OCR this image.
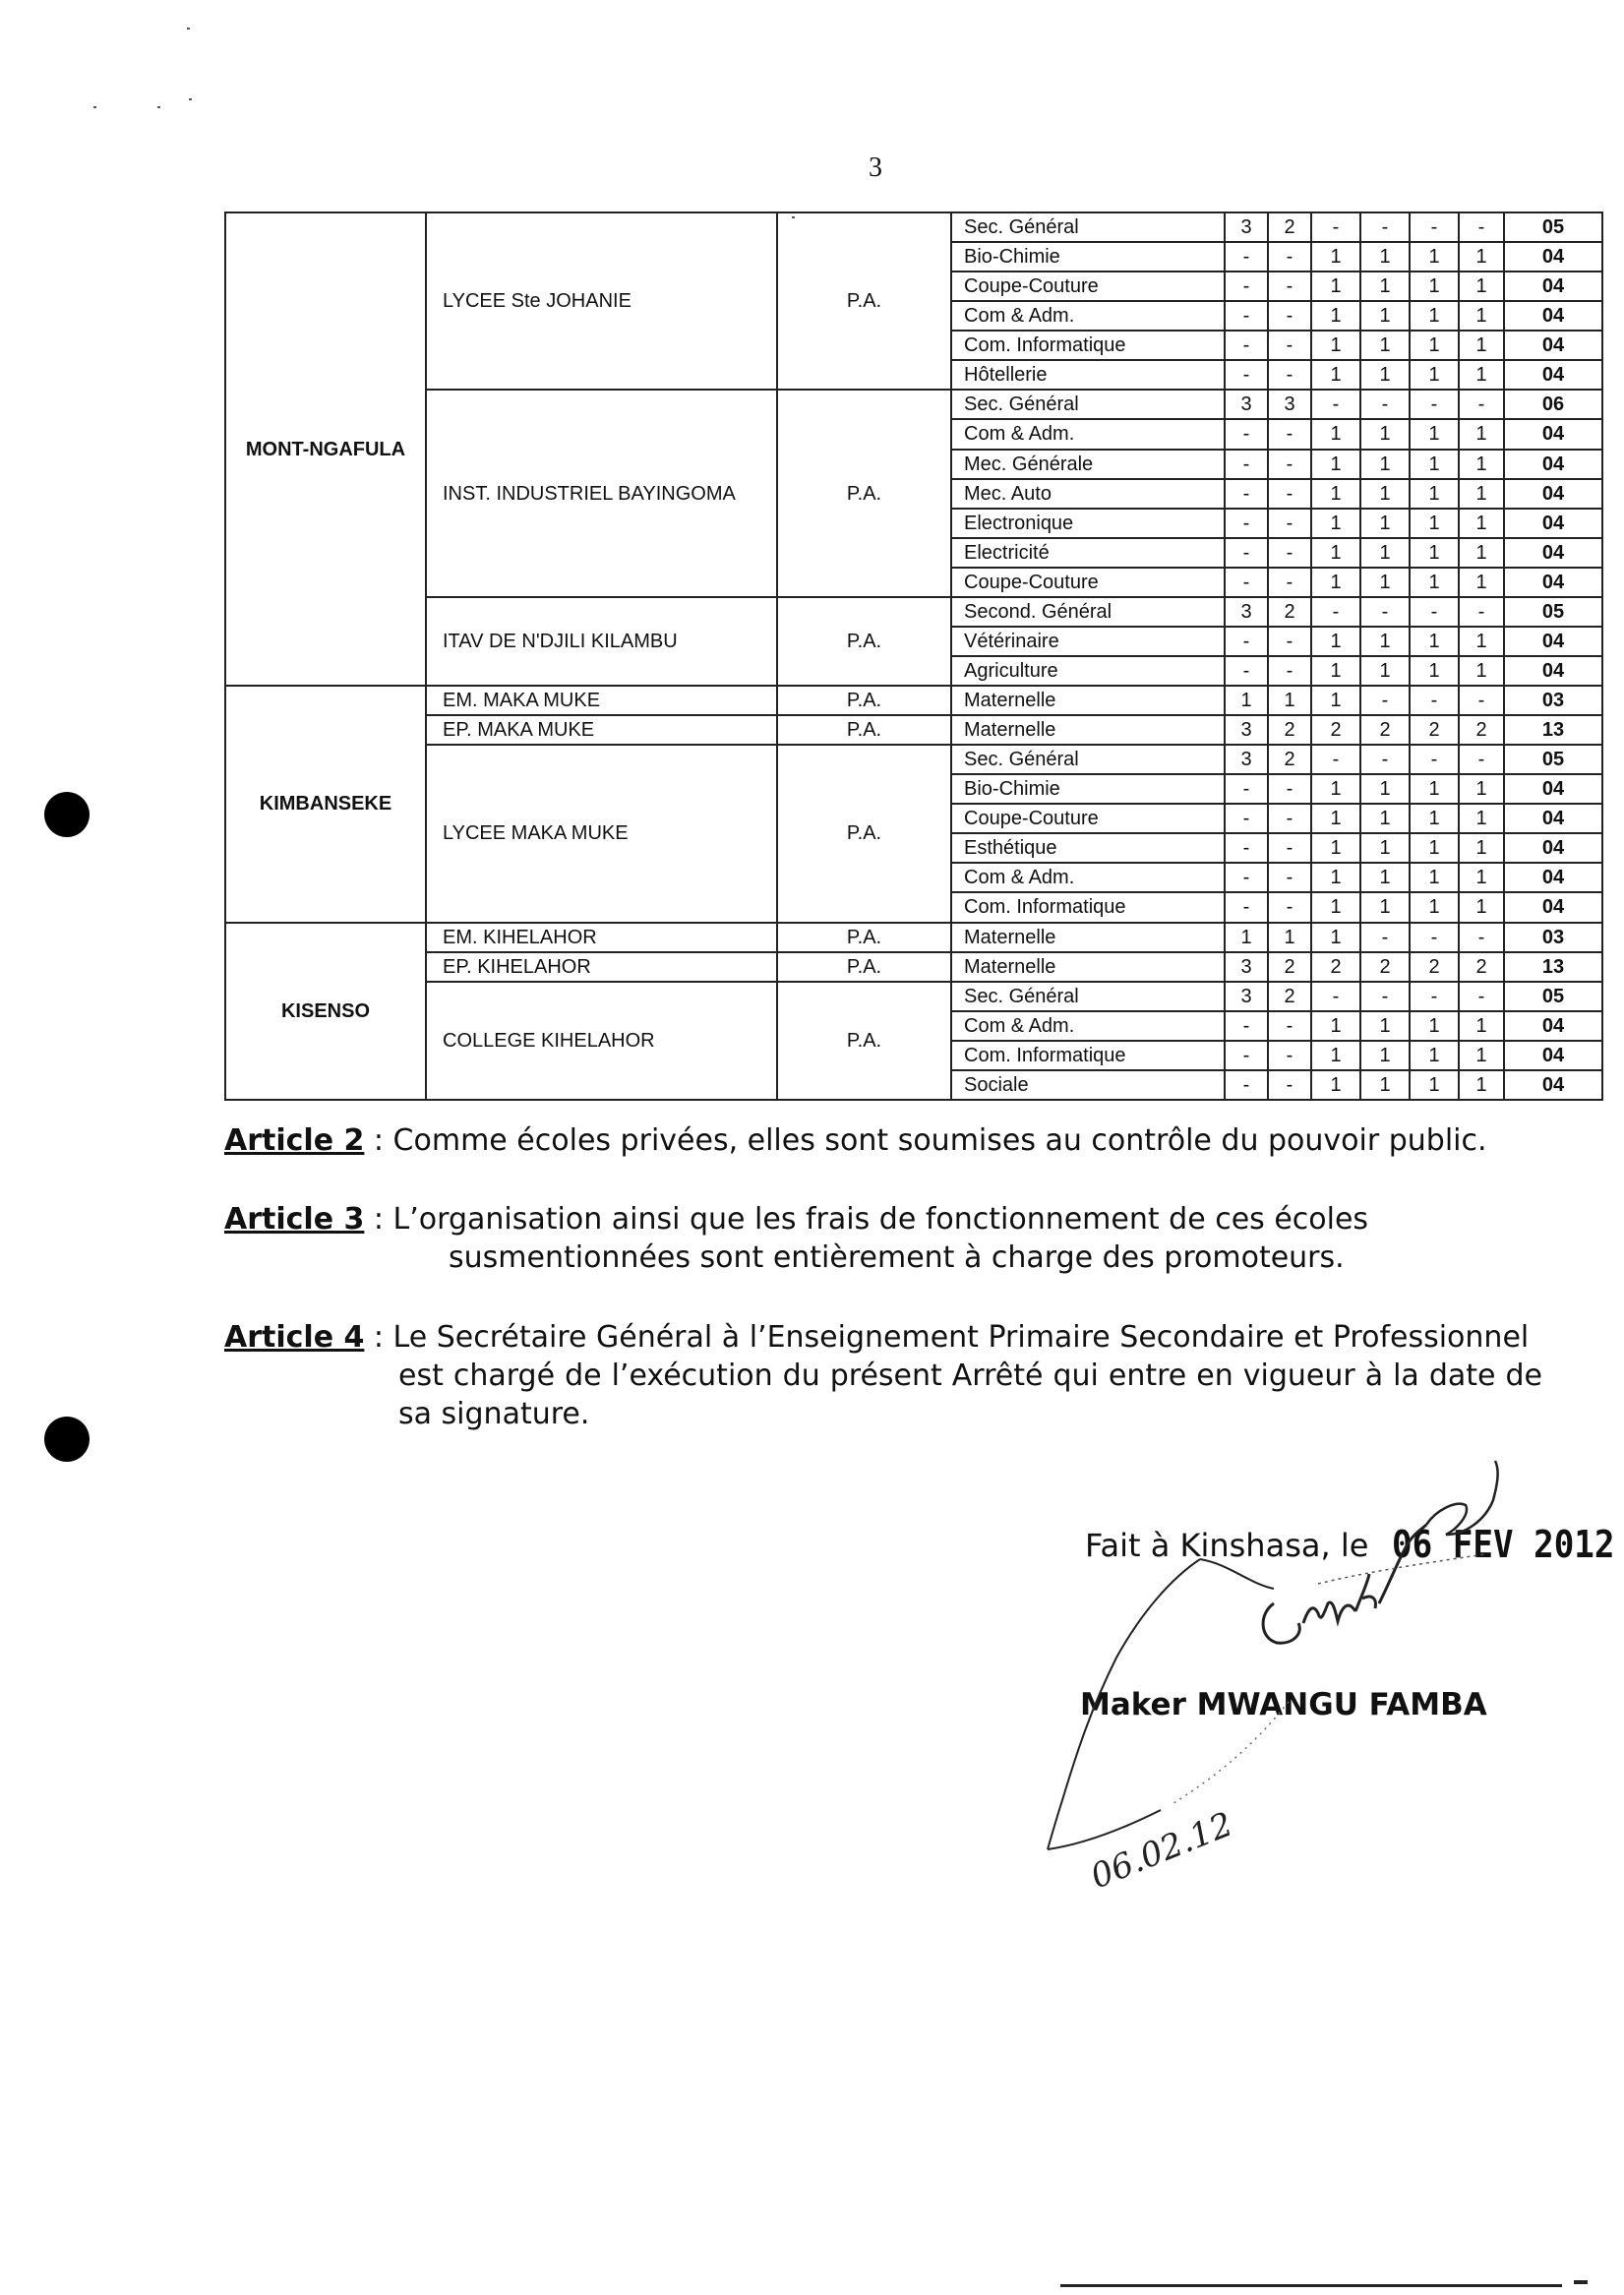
3
MONT-NGAFULA	LYCEE Ste JOHANIE	P.A.	Sec. Général	3	2	-	-	-	-	05
			Bio-Chimie	-	-	1	1	1	1	04
			Coupe-Couture	-	-	1	1	1	1	04
			Com & Adm.	-	-	1	1	1	1	04
			Com. Informatique	-	-	1	1	1	1	04
			Hôtellerie	-	-	1	1	1	1	04
	INST. INDUSTRIEL BAYINGOMA	P.A.	Sec. Général	3	3	-	-	-	-	06
			Com & Adm.	-	-	1	1	1	1	04
			Mec. Générale	-	-	1	1	1	1	04
			Mec. Auto	-	-	1	1	1	1	04
			Electronique	-	-	1	1	1	1	04
			Electricité	-	-	1	1	1	1	04
			Coupe-Couture	-	-	1	1	1	1	04
	ITAV DE N'DJILI KILAMBU	P.A.	Second. Général	3	2	-	-	-	-	05
			Vétérinaire	-	-	1	1	1	1	04
			Agriculture	-	-	1	1	1	1	04
KIMBANSEKE	EM. MAKA MUKE	P.A.	Maternelle	1	1	1	-	-	-	03
	EP. MAKA MUKE	P.A.	Maternelle	3	2	2	2	2	2	13
	LYCEE MAKA MUKE	P.A.	Sec. Général	3	2	-	-	-	-	05
			Bio-Chimie	-	-	1	1	1	1	04
			Coupe-Couture	-	-	1	1	1	1	04
			Esthétique	-	-	1	1	1	1	04
			Com & Adm.	-	-	1	1	1	1	04
			Com. Informatique	-	-	1	1	1	1	04
KISENSO	EM. KIHELAHOR	P.A.	Maternelle	1	1	1	-	-	-	03
	EP. KIHELAHOR	P.A.	Maternelle	3	2	2	2	2	2	13
	COLLEGE KIHELAHOR	P.A.	Sec. Général	3	2	-	-	-	-	05
			Com & Adm.	-	-	1	1	1	1	04
			Com. Informatique	-	-	1	1	1	1	04
			Sociale	-	-	1	1	1	1	04
Article 2 : Comme écoles privées, elles sont soumises au contrôle du pouvoir public.
Article 3 : L’organisation ainsi que les frais de fonctionnement de ces écoles
susmentionnées sont entièrement à charge des promoteurs.
Article 4 : Le Secrétaire Général à l’Enseignement Primaire Secondaire et Professionnel
est chargé de l’exécution du présent Arrêté qui entre en vigueur à la date de sa signature.
Fait à Kinshasa, le 06 FEV 2012
Maker MWANGU FAMBA
06.02.12
